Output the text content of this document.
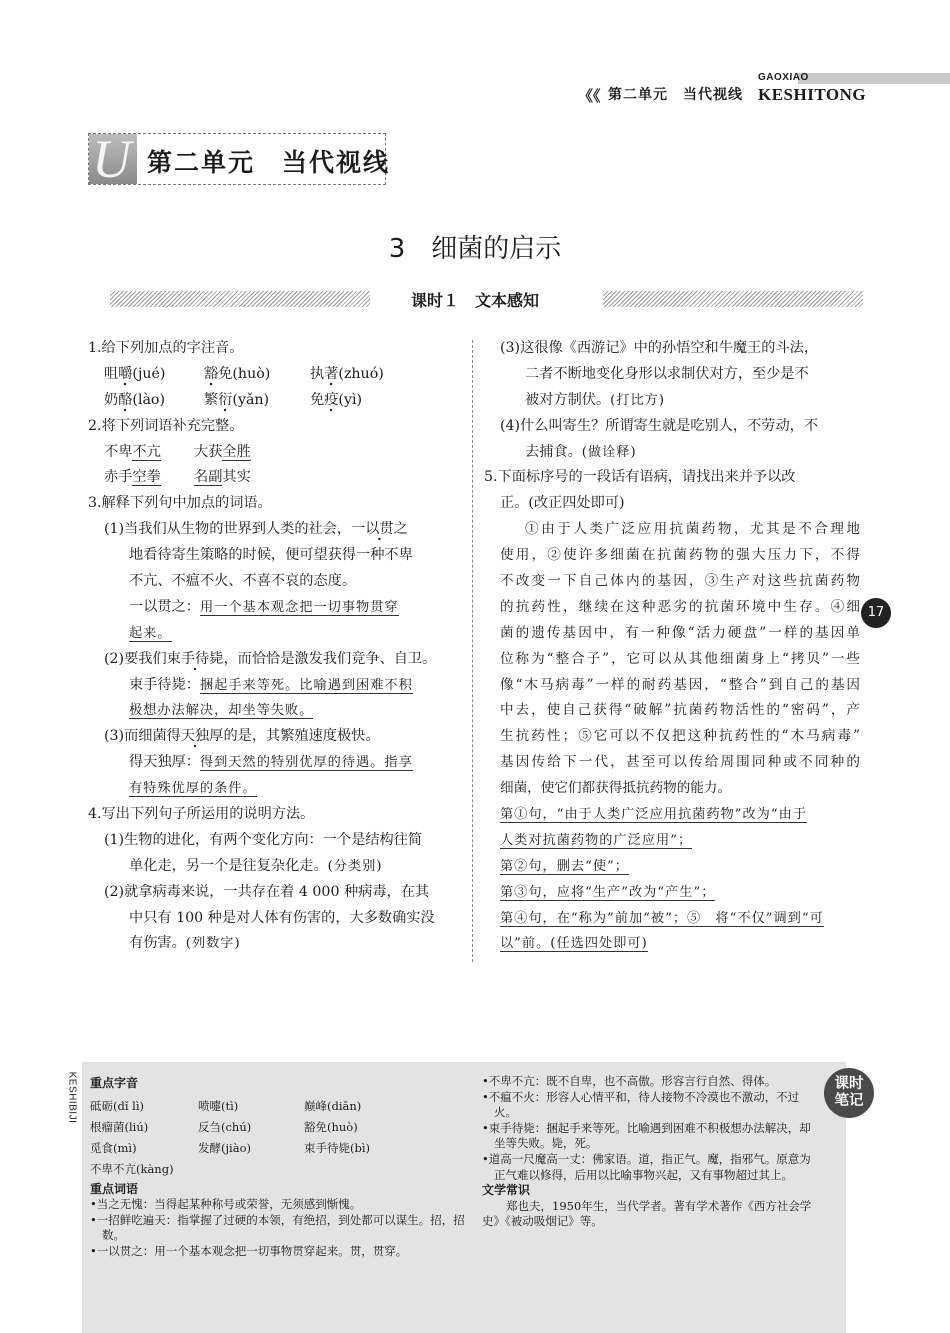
《《 第二单元　当代视线
GAOXIAO
KESHITONG
U 第二单元　当代视线
3　细菌的启示
课时１　文本感知
1.给下列加点的字注音。
咀嚼(jué)	豁免(huò)	执著(zhuó)
奶酪(lào)	繁衍(yǎn)	免疫(yì)
2.将下列词语补充完整。
不卑不亢	大获全胜
赤手空拳	名副其实
3.解释下列句中加点的词语。
(1)当我们从生物的世界到人类的社会，一以贯之
地看待寄生策略的时候，便可望获得一种不卑
不亢、不瘟不火、不喜不哀的态度。
一以贯之：用一个基本观念把一切事物贯穿
起来。
(2)要我们束手待毙，而恰恰是激发我们竞争、自卫。
束手待毙：捆起手来等死。比喻遇到困难不积
极想办法解决，却坐等失败。
(3)而细菌得天独厚的是，其繁殖速度极快。
得天独厚：得到天然的特别优厚的待遇。指享
有特殊优厚的条件。
4.写出下列句子所运用的说明方法。
(1)生物的进化，有两个变化方向：一个是结构往简
单化走，另一个是往复杂化走。(分类别)
(2)就拿病毒来说，一共存在着 4 000 种病毒，在其
中只有 100 种是对人体有伤害的，大多数确实没
有伤害。(列数字)
(3)这很像《西游记》中的孙悟空和牛魔王的斗法，
二者不断地变化身形以求制伏对方，至少是不
被对方制伏。(打比方)
(4)什么叫寄生？所谓寄生就是吃别人，不劳动，不
去捕食。(做诠释)
5.下面标序号的一段话有语病，请找出来并予以改
正。(改正四处即可)
①由于人类广泛应用抗菌药物，尤其是不合理地
使用，②使许多细菌在抗菌药物的强大压力下，不得
不改变一下自己体内的基因，③生产对这些抗菌药物
的抗药性，继续在这种恶劣的抗菌环境中生存。④细
菌的遗传基因中，有一种像“活力硬盘”一样的基因单
位称为“整合子”，它可以从其他细菌身上“拷贝”一些
像“木马病毒”一样的耐药基因，“整合”到自己的基因
中去，使自己获得“破解”抗菌药物活性的“密码”，产
生抗药性；⑤它可以不仅把这种抗药性的“木马病毒”
基因传给下一代，甚至可以传给周围同种或不同种的
细菌，使它们都获得抵抗药物的能力。
第①句，“由于人类广泛应用抗菌药物”改为“由于
人类对抗菌药物的广泛应用”；
第②句，删去“使”；
第③句，应将“生产”改为“产生”；
第④句，在“称为”前加“被”；⑤　将“不仅”调到“可
以”前。(任选四处即可)
17
KESHIBIJI 重点字音
砥砺(dǐ lì)	喷嚏(tì)	巅峰(diān)
根瘤菌(liú)	反刍(chú)	豁免(huò)
觅食(mì)	发酵(jiào)	束手待毙(bì)
不卑不亢(kàng)
重点词语
•当之无愧：当得起某种称号或荣誉，无须感到惭愧。
•一招鲜吃遍天：指掌握了过硬的本领，有绝招，到处都可以谋生。招，招数。
•一以贯之：用一个基本观念把一切事物贯穿起来。贯，贯穿。
•不卑不亢：既不自卑，也不高傲。形容言行自然、得体。
•不瘟不火：形容人心情平和，待人接物不冷漠也不激动，不过火。
•束手待毙：捆起手来等死。比喻遇到困难不积极想办法解决，却坐等失败。毙，死。
•道高一尺魔高一丈：佛家语。道，指正气。魔，指邪气。原意为正气难以修得，后用以比喻事物兴起，又有事物超过其上。
文学常识
郑也夫，1950年生，当代学者。著有学术著作《西方社会学史》《被动吸烟记》等。
课时
笔记
